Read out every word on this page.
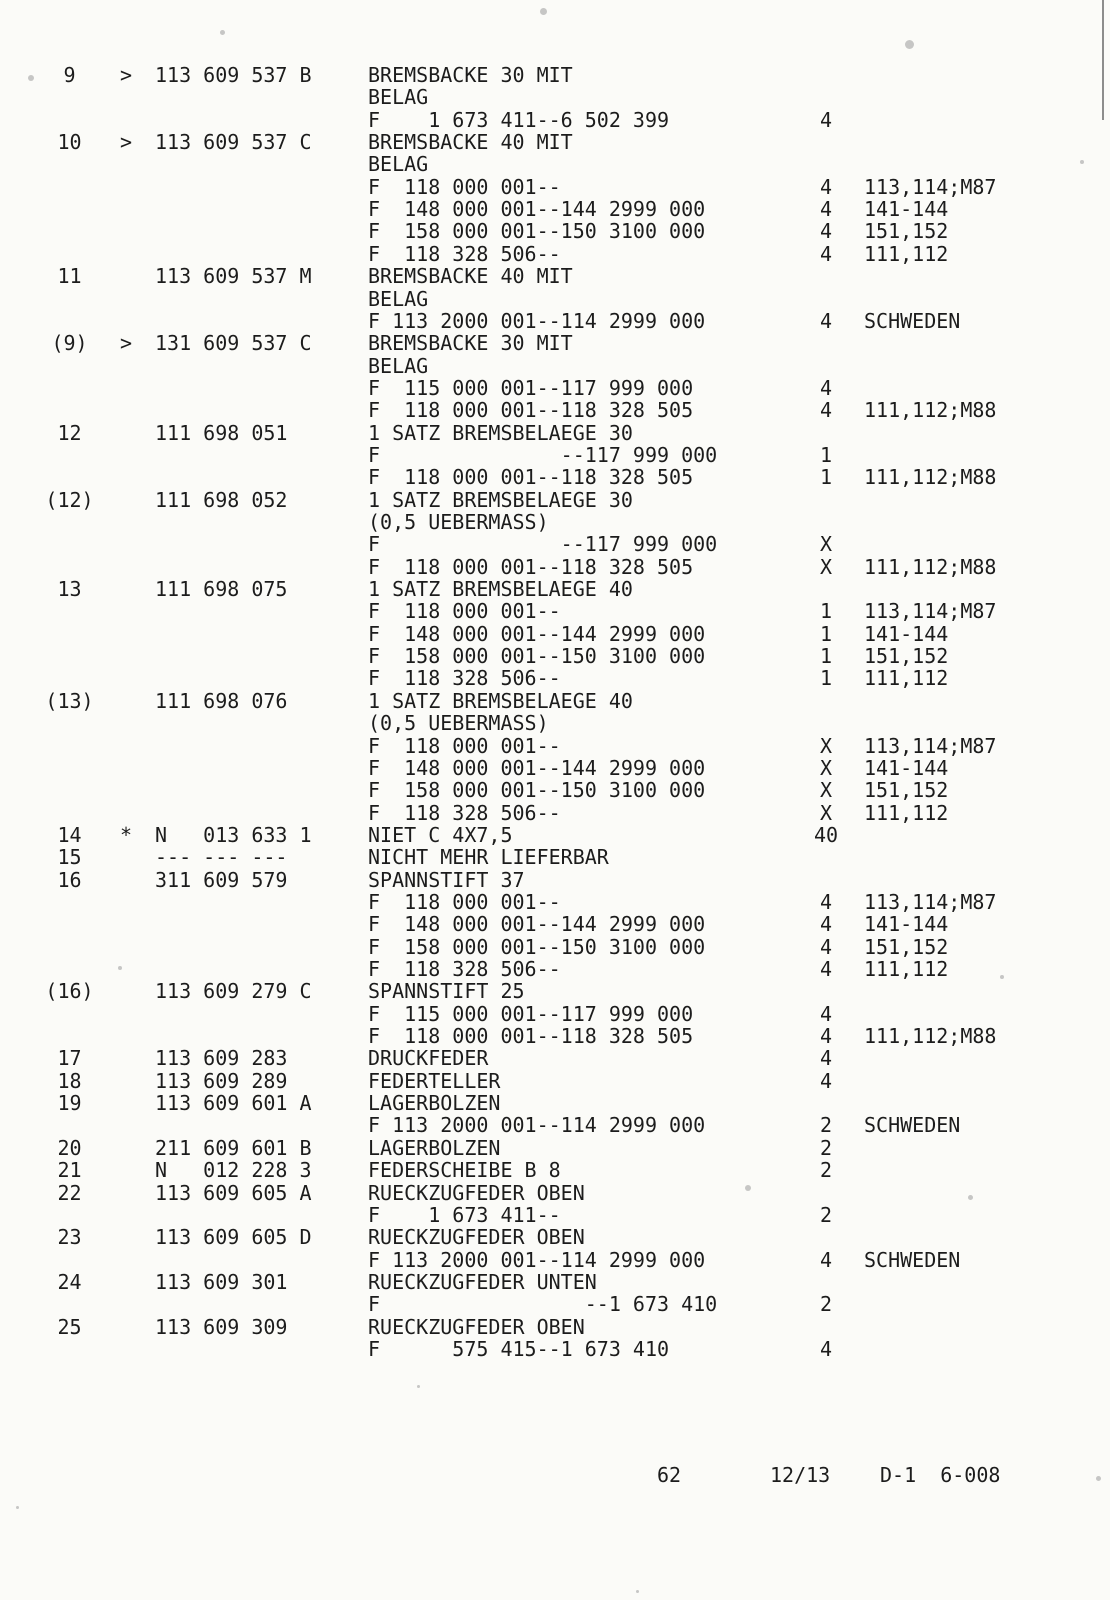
9	> 113 609 537 B	BREMSBACKE 30 MIT
BELAG
F    1 673 411--6 502 399	4
10	> 113 609 537 C	BREMSBACKE 40 MIT
BELAG
F  118 000 001--	4	113,114;M87
F  148 000 001--144 2999 000	4	141-144
F  158 000 001--150 3100 000	4	151,152
F  118 328 506--	4	111,112
11	113 609 537 M	BREMSBACKE 40 MIT
BELAG
F 113 2000 001--114 2999 000	4	SCHWEDEN
(9)	> 131 609 537 C	BREMSBACKE 30 MIT
BELAG
F  115 000 001--117 999 000	4
F  118 000 001--118 328 505	4	111,112;M88
12	111 698 051	1 SATZ BREMSBELAEGE 30
F               --117 999 000	1
F  118 000 001--118 328 505	1	111,112;M88
(12)	111 698 052	1 SATZ BREMSBELAEGE 30
(0,5 UEBERMASS)
F               --117 999 000	X
F  118 000 001--118 328 505	X	111,112;M88
13	111 698 075	1 SATZ BREMSBELAEGE 40
F  118 000 001--	1	113,114;M87
F  148 000 001--144 2999 000	1	141-144
F  158 000 001--150 3100 000	1	151,152
F  118 328 506--	1	111,112
(13)	111 698 076	1 SATZ BREMSBELAEGE 40
(0,5 UEBERMASS)
F  118 000 001--	X	113,114;M87
F  148 000 001--144 2999 000	X	141-144
F  158 000 001--150 3100 000	X	151,152
F  118 328 506--	X	111,112
14	* N   013 633 1	NIET C 4X7,5	40
15	--- --- ---	NICHT MEHR LIEFERBAR
16	311 609 579	SPANNSTIFT 37
F  118 000 001--	4	113,114;M87
F  148 000 001--144 2999 000	4	141-144
F  158 000 001--150 3100 000	4	151,152
F  118 328 506--	4	111,112
(16)	113 609 279 C	SPANNSTIFT 25
F  115 000 001--117 999 000	4
F  118 000 001--118 328 505	4	111,112;M88
17	113 609 283	DRUCKFEDER	4
18	113 609 289	FEDERTELLER	4
19	113 609 601 A	LAGERBOLZEN
F 113 2000 001--114 2999 000	2	SCHWEDEN
20	211 609 601 B	LAGERBOLZEN	2
21	N   012 228 3	FEDERSCHEIBE B 8	2
22	113 609 605 A	RUECKZUGFEDER OBEN
F    1 673 411--	2
23	113 609 605 D	RUECKZUGFEDER OBEN
F 113 2000 001--114 2999 000	4	SCHWEDEN
24	113 609 301	RUECKZUGFEDER UNTEN
F                 --1 673 410	2
25	113 609 309	RUECKZUGFEDER OBEN
F      575 415--1 673 410	4

62

	12/13

D-1  6-008
